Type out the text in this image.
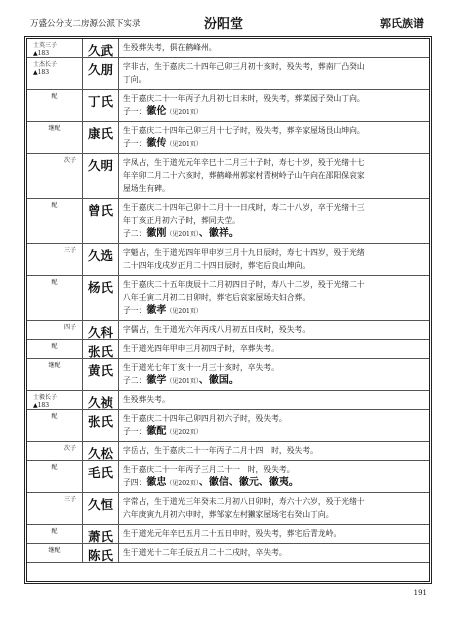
万盛公分支二房源公派下实录	汾阳堂	郭氏族谱
士英三子
▲183	久武	生殁葬失考，俱在鹤峰州。
士杰长子
▲183	久朋	字非古，生于嘉庆二十四年己卯三月初十亥时，殁失考，葬南厂凸癸山
丁向。
配	丁氏	生于嘉庆二十一年丙子九月初七日未时，殁失考，葬菜园子癸山丁向。
子一：徽伦（见201页）
继配	康氏	生于嘉庆二十四年己卯三月十七子时，殁失考，葬辛家屋场艮山坤向。
子一：徽传（见201页）
次子 久明	字凤占，生于道光元年辛巳十二月三十子时，寿七十岁，殁于光绪十七
年辛卯二月二十六亥时，葬鹤峰州郭家村青树岭子山午向在邵阳保哀家
屋场生有碑。
配	曾氏	生于嘉庆二十四年己卯十二月十一日戌时，寿二十八岁，卒于光绪十三
年丁亥正月初六子时，葬同夫茔。
子二：徽刚（见201页）、徽祥。
三子 久选	字魁占，生于道光四年甲申岁三月十九日辰时，寿七十四岁，殁于光绪
二十四年戊戌岁正月二十四日辰时，葬宅后良山坤向。
配	杨氏	生于嘉庆二十五年庚辰十二月初四日子时，寿八十二岁，殁于光绪二十
八年壬寅二月初二日卯时，葬宅后哀家屋场夫妇合葬。
子一：徽孝（见201页）
四子 久科	字儒占，生于道光六年丙戌八月初五日戌时，殁失考。
配	张氏	生于道光四年甲申三月初四子时，卒葬失考。
继配	黄氏	生于道光七年丁亥十一月三十亥时，卒失考。
子二：徽学（见201页）、徽国。
士毅长子
▲183	久祯	生殁葬失考。
配	张氏	生于嘉庆二十四年己卯四月初六子时，殁失考。
子一：徽配（见202页）
次子 久松	字岳占，生于嘉庆二十一年丙子二月十四　时，殁失考。
配	毛氏	生于嘉庆二十一年丙子三月二十一　时，殁失考。
子四：徽忠（见202页）、徽信、徽元、徽夷。
三子 久恒	字常占，生于道光三年癸未二月初八日卯时，寿六十六岁，殁于光绪十
六年庚寅九月初六申时，葬邹家左村獭家屋场宅右癸山丁向。
配	萧氏	生于道光元年辛巳五月二十五日申时，殁失考，葬宅后青龙岭。
继配	陈氏	生于道光十二年壬辰五月二十二戌时，卒失考。
191
